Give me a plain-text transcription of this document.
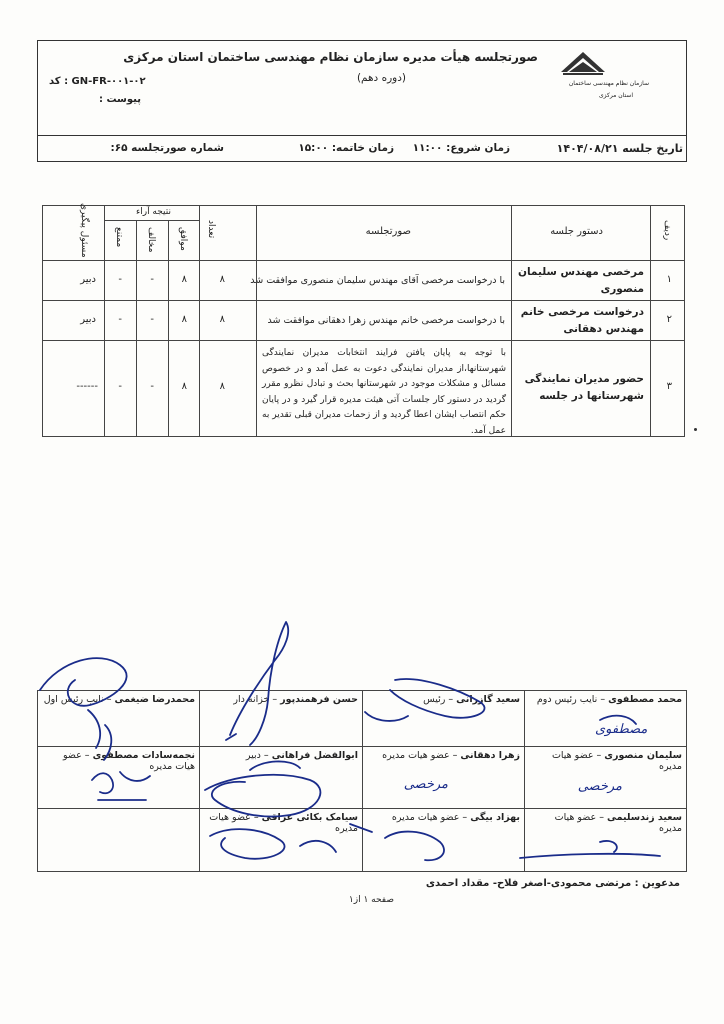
سازمان نظام مهندسی ساختمان
استان مرکزی
صورتجلسه هیأت مدیره سازمان نظام مهندسی ساختمان استان مرکزی
(دوره دهم)
کد : GN-FR-۰۰۱-۰۲
پیوست :
تاریخ جلسه ۱۴۰۴/۰۸/۲۱
زمان شروع: ۱۱:۰۰
زمان خاتمه: ۱۵:۰۰
شماره صورتجلسه ۶۵:
ردیف
دستور جلسه
صورتجلسه
تعداد
نتیجه آراء
موافق
مخالف
ممتنع
مسئول پیگیری
۱
مرخصی مهندس سلیمان منصوری
با درخواست مرخصی آقای مهندس سلیمان منصوری موافقت شد
۸
۸
-
-
دبیر
۲
درخواست مرخصی خانم مهندس دهقانی
با درخواست مرخصی خانم مهندس زهرا دهقانی موافقت شد
۸
۸
-
-
دبیر
۳
حضور مدیران نمایندگی شهرستانها در جلسه
با توجه به پایان یافتن فرایند انتخابات مدیران نمایندگی شهرستانها،از مدیران نمایندگی دعوت به عمل آمد و در خصوص مسائل و مشکلات موجود در شهرستانها بحث و تبادل نظرو مقرر گردید در دستور کار جلسات آتی هیئت مدیره قرار گیرد و در پایان حکم انتصاب ایشان اعطا گردید و از زحمات مدیران قبلی تقدیر به عمل آمد.
۸
۸
-
-
------
محمد مصطفوی – نایب رئیس دوم
سعید گازرانی – رئیس
حسن فرهمندپور – خزانه دار
محمدرضا ضیغمی – نایب رئیس اول
سلیمان منصوری – عضو هیات مدیره
مرخصی
زهرا دهقانی – عضو هیات مدیره
مرخصی
ابوالفضل فراهانی – دبیر
نجمه‌سادات مصطفوی – عضو هیات مدیره
سعید زندسلیمی – عضو هیات مدیره
بهزاد بیگی – عضو هیات مدیره
سیامک بکائی عراقی – عضو هیات مدیره
مصطفوی
مدعوین : مرتضی محمودی-اصغر فلاح- مقداد احمدی
صفحه ۱ از۱
